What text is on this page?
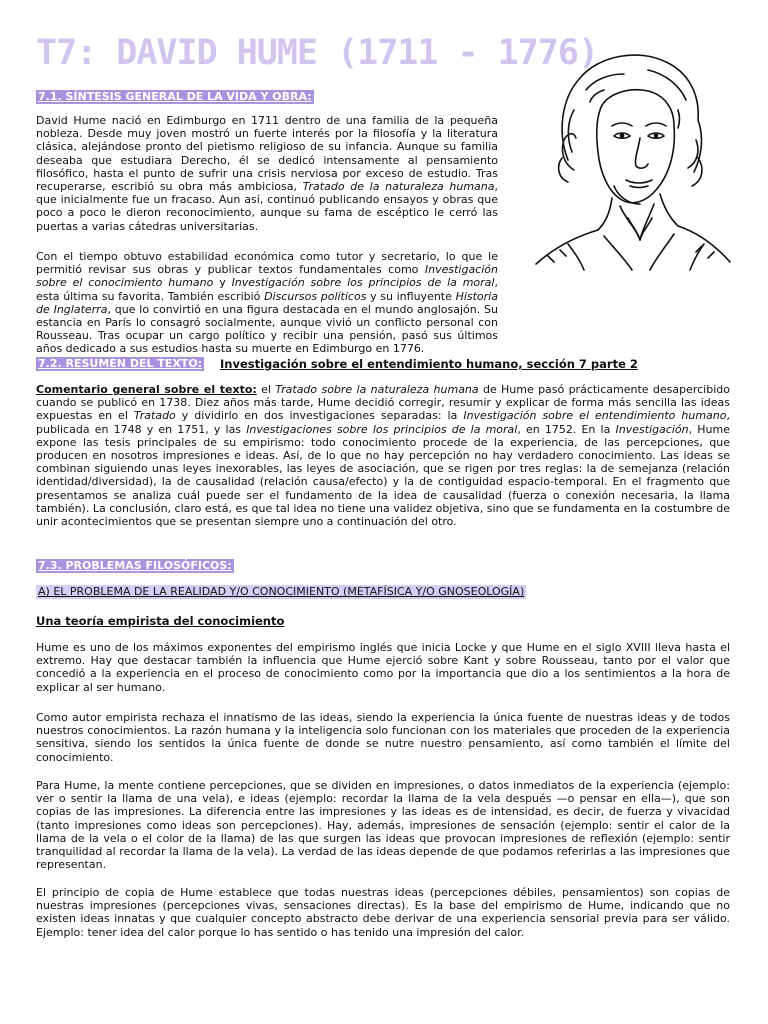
T7: DAVID HUME (1711 - 1776)
7.1. SÍNTESIS GENERAL DE LA VIDA Y OBRA:

David Hume nació en Edimburgo en 1711 dentro de una familia de la pequeña nobleza. Desde muy joven mostró un fuerte interés por la filosofía y la literatura clásica, alejándose pronto del pietismo religioso de su infancia. Aunque su familia deseaba que estudiara Derecho, él se dedicó intensamente al pensamiento filosófico, hasta el punto de sufrir una crisis nerviosa por exceso de estudio. Tras recuperarse, escribió su obra más ambiciosa, Tratado de la naturaleza humana, que inicialmente fue un fracaso. Aun así, continuó publicando ensayos y obras que poco a poco le dieron reconocimiento, aunque su fama de escéptico le cerró las puertas a varias cátedras universitarias.

Con el tiempo obtuvo estabilidad económica como tutor y secretario, lo que le permitió revisar sus obras y publicar textos fundamentales como Investigación sobre el conocimiento humano y Investigación sobre los principios de la moral, esta última su favorita. También escribió Discursos políticos y su influyente Historia de Inglaterra, que lo convirtió en una figura destacada en el mundo anglosajón. Su estancia en París lo consagró socialmente, aunque vivió un conflicto personal con Rousseau. Tras ocupar un cargo político y recibir una pensión, pasó sus últimos años dedicado a sus estudios hasta su muerte en Edimburgo en 1776.

7.2. RESUMEN DEL TEXTO: Investigación sobre el entendimiento humano, sección 7 parte 2

Comentario general sobre el texto: el Tratado sobre la naturaleza humana de Hume pasó prácticamente desapercibido cuando se publicó en 1738. Diez años más tarde, Hume decidió corregir, resumir y explicar de forma más sencilla las ideas expuestas en el Tratado y dividirlo en dos investigaciones separadas: la Investigación sobre el entendimiento humano, publicada en 1748 y en 1751, y las Investigaciones sobre los principios de la moral, en 1752. En la Investigación, Hume expone las tesis principales de su empirismo: todo conocimiento procede de la experiencia, de las percepciones, que producen en nosotros impresiones e ideas. Así, de lo que no hay percepción no hay verdadero conocimiento. Las ideas se combinan siguiendo unas leyes inexorables, las leyes de asociación, que se rigen por tres reglas: la de semejanza (relación identidad/diversidad), la de causalidad (relación causa/efecto) y la de contiguidad espacio-temporal. En el fragmento que presentamos se analiza cuál puede ser el fundamento de la idea de causalidad (fuerza o conexión necesaria, la llama también). La conclusión, claro está, es que tal idea no tiene una validez objetiva, sino que se fundamenta en la costumbre de unir acontecimientos que se presentan siempre uno a continuación del otro.

7.3. PROBLEMAS FILOSÓFICOS:
A) EL PROBLEMA DE LA REALIDAD Y/O CONOCIMIENTO (METAFÍSICA Y/O GNOSEOLOGÍA)
Una teoría empirista del conocimiento

Hume es uno de los máximos exponentes del empirismo inglés que inicia Locke y que Hume en el siglo XVIII lleva hasta el extremo. Hay que destacar también la influencia que Hume ejerció sobre Kant y sobre Rousseau, tanto por el valor que concedió a la experiencia en el proceso de conocimiento como por la importancia que dio a los sentimientos a la hora de explicar al ser humano.

Como autor empirista rechaza el innatismo de las ideas, siendo la experiencia la única fuente de nuestras ideas y de todos nuestros conocimientos. La razón humana y la inteligencia solo funcionan con los materiales que proceden de la experiencia sensitiva, siendo los sentidos la única fuente de donde se nutre nuestro pensamiento, así como también el límite del conocimiento.

Para Hume, la mente contiene percepciones, que se dividen en impresiones, o datos inmediatos de la experiencia (ejemplo: ver o sentir la llama de una vela), e ideas (ejemplo: recordar la llama de la vela después —o pensar en ella—), que son copias de las impresiones. La diferencia entre las impresiones y las ideas es de intensidad, es decir, de fuerza y vivacidad (tanto impresiones como ideas son percepciones). Hay, además, impresiones de sensación (ejemplo: sentir el calor de la llama de la vela o el color de la llama) de las que surgen las ideas que provocan impresiones de reflexión (ejemplo: sentir tranquilidad al recordar la llama de la vela). La verdad de las ideas depende de que podamos referirlas a las impresiones que representan.

El principio de copia de Hume establece que todas nuestras ideas (percepciones débiles, pensamientos) son copias de nuestras impresiones (percepciones vivas, sensaciones directas). Es la base del empirismo de Hume, indicando que no existen ideas innatas y que cualquier concepto abstracto debe derivar de una experiencia sensorial previa para ser válido. Ejemplo: tener idea del calor porque lo has sentido o has tenido una impresión del calor.
